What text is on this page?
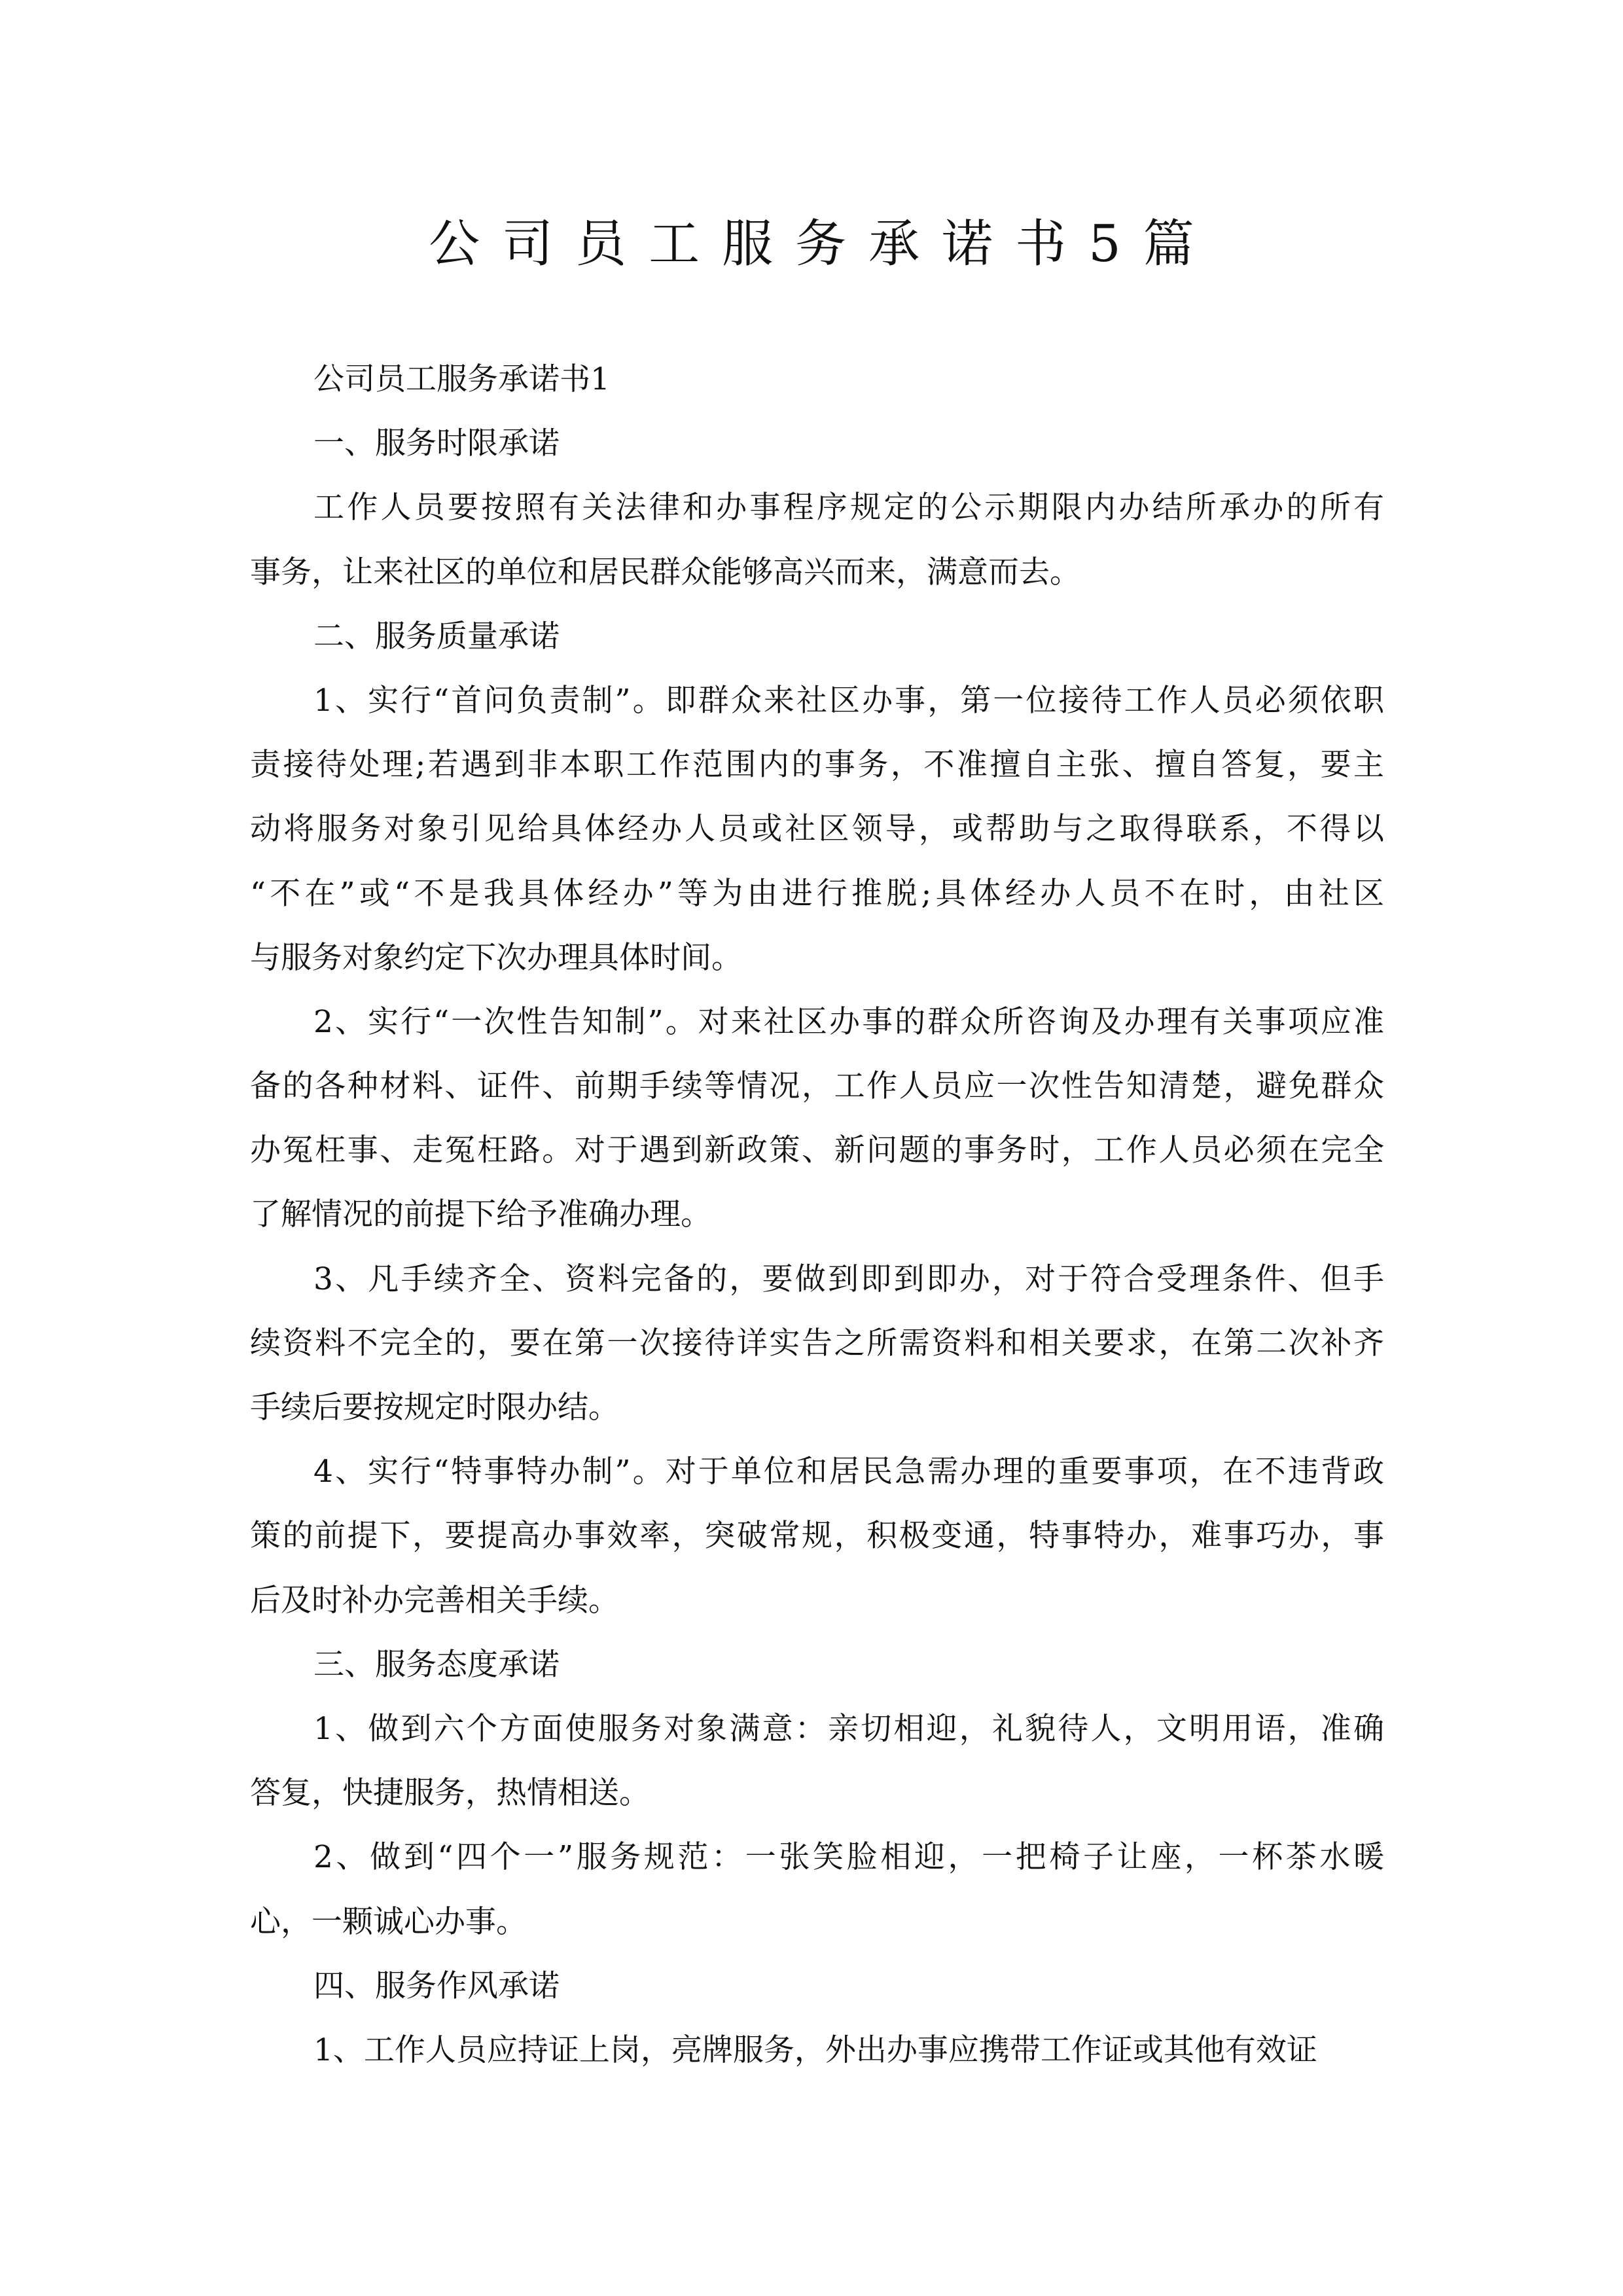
公司员工服务承诺书5篇
公司员工服务承诺书1
一、服务时限承诺
工作人员要按照有关法律和办事程序规定的公示期限内办结所承办的所有
事务，让来社区的单位和居民群众能够高兴而来，满意而去。
二、服务质量承诺
1、实行“首问负责制”。即群众来社区办事，第一位接待工作人员必须依职
责接待处理;若遇到非本职工作范围内的事务，不准擅自主张、擅自答复，要主
动将服务对象引见给具体经办人员或社区领导，或帮助与之取得联系，不得以
“不在”或“不是我具体经办”等为由进行推脱;具体经办人员不在时，由社区
与服务对象约定下次办理具体时间。
2、实行“一次性告知制”。对来社区办事的群众所咨询及办理有关事项应准
备的各种材料、证件、前期手续等情况，工作人员应一次性告知清楚，避免群众
办冤枉事、走冤枉路。对于遇到新政策、新问题的事务时，工作人员必须在完全
了解情况的前提下给予准确办理。
3、凡手续齐全、资料完备的，要做到即到即办，对于符合受理条件、但手
续资料不完全的，要在第一次接待详实告之所需资料和相关要求，在第二次补齐
手续后要按规定时限办结。
4、实行“特事特办制”。对于单位和居民急需办理的重要事项，在不违背政
策的前提下，要提高办事效率，突破常规，积极变通，特事特办，难事巧办，事
后及时补办完善相关手续。
三、服务态度承诺
1、做到六个方面使服务对象满意：亲切相迎，礼貌待人，文明用语，准确
答复，快捷服务，热情相送。
2、做到“四个一”服务规范：一张笑脸相迎，一把椅子让座，一杯茶水暖
心，一颗诚心办事。
四、服务作风承诺
1、工作人员应持证上岗，亮牌服务，外出办事应携带工作证或其他有效证
